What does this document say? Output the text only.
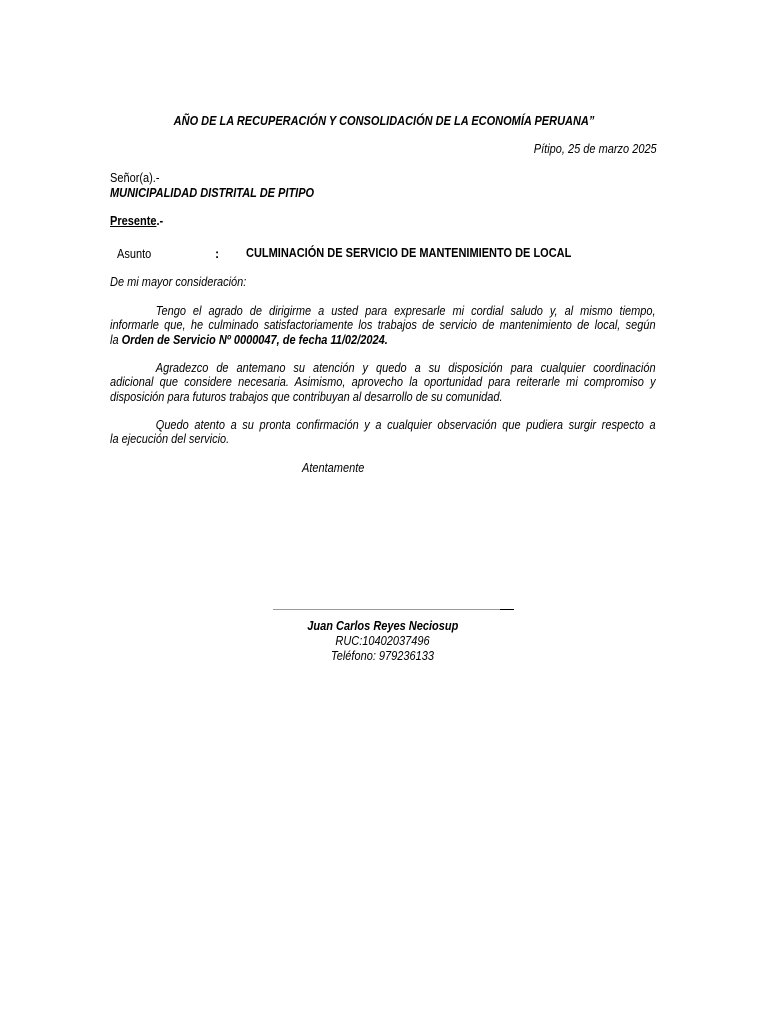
AÑO DE LA RECUPERACIÓN Y CONSOLIDACIÓN DE LA ECONOMÍA PERUANA”
Pítipo, 25 de marzo 2025
Señor(a).-
MUNICIPALIDAD DISTRITAL DE PITIPO
Presente.-
Asunto	: CULMINACIÓN DE SERVICIO DE MANTENIMIENTO DE LOCAL
De mi mayor consideración:
Tengo el agrado de dirigirme a usted para expresarle mi cordial saludo y, al mismo tiempo,
informarle que, he culminado satisfactoriamente los trabajos de servicio de mantenimiento de local, según
la Orden de Servicio Nº 0000047, de fecha 11/02/2024.
Agradezco de antemano su atención y quedo a su disposición para cualquier coordinación
adicional que considere necesaria. Asimismo, aprovecho la oportunidad para reiterarle mi compromiso y
disposición para futuros trabajos que contribuyan al desarrollo de su comunidad.
Quedo atento a su pronta confirmación y a cualquier observación que pudiera surgir respecto a
la ejecución del servicio.
Atentamente
Juan Carlos Reyes Neciosup
RUC:10402037496
Teléfono: 979236133
